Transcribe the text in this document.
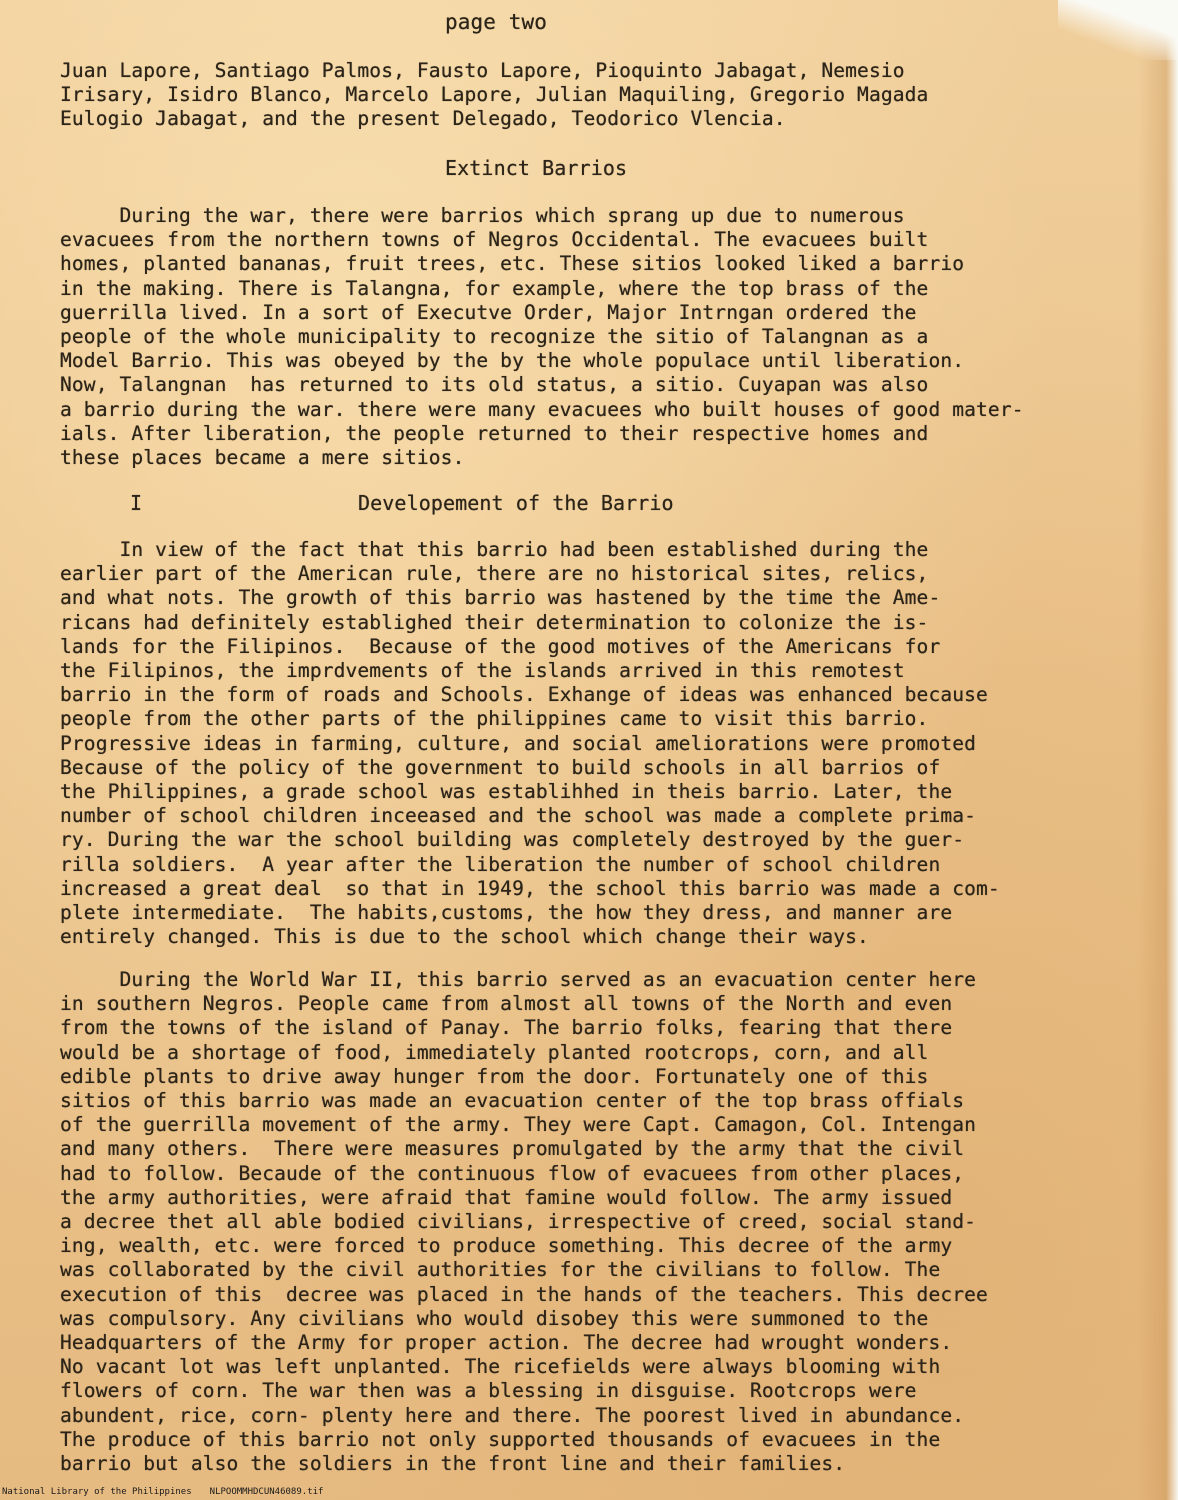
page two
Juan Lapore, Santiago Palmos, Fausto Lapore, Pioquinto Jabagat, Nemesio
Irisary, Isidro Blanco, Marcelo Lapore, Julian Maquiling, Gregorio Magada
Eulogio Jabagat, and the present Delegado, Teodorico Vlencia.
Extinct Barrios
During the war, there were barrios which sprang up due to numerous
evacuees from the northern towns of Negros Occidental. The evacuees built
homes, planted bananas, fruit trees, etc. These sitios looked liked a barrio
in the making. There is Talangna, for example, where the top brass of the
guerrilla lived. In a sort of Executve Order, Major Intrngan ordered the
people of the whole municipality to recognize the sitio of Talangnan as a
Model Barrio. This was obeyed by the by the whole populace until liberation.
Now, Talangnan  has returned to its old status, a sitio. Cuyapan was also
a barrio during the war. there were many evacuees who built houses of good mater-
ials. After liberation, the people returned to their respective homes and
these places became a mere sitios.
I	Developement of the Barrio
In view of the fact that this barrio had been established during the
earlier part of the American rule, there are no historical sites, relics,
and what nots. The growth of this barrio was hastened by the time the Ame-
ricans had definitely establighed their determination to colonize the is-
lands for the Filipinos.  Because of the good motives of the Americans for
the Filipinos, the imprdvements of the islands arrived in this remotest
barrio in the form of roads and Schools. Exhange of ideas was enhanced because
people from the other parts of the philippines came to visit this barrio.
Progressive ideas in farming, culture, and social ameliorations were promoted
Because of the policy of the government to build schools in all barrios of
the Philippines, a grade school was establihhed in theis barrio. Later, the
number of school children inceeased and the school was made a complete prima-
ry. During the war the school building was completely destroyed by the guer-
rilla soldiers.  A year after the liberation the number of school children
increased a great deal  so that in 1949, the school this barrio was made a com-
plete intermediate.  The habits,customs, the how they dress, and manner are
entirely changed. This is due to the school which change their ways.
During the World War II, this barrio served as an evacuation center here
in southern Negros. People came from almost all towns of the North and even
from the towns of the island of Panay. The barrio folks, fearing that there
would be a shortage of food, immediately planted rootcrops, corn, and all
edible plants to drive away hunger from the door. Fortunately one of this
sitios of this barrio was made an evacuation center of the top brass offials
of the guerrilla movement of the army. They were Capt. Camagon, Col. Intengan
and many others.  There were measures promulgated by the army that the civil
had to follow. Becaude of the continuous flow of evacuees from other places,
the army authorities, were afraid that famine would follow. The army issued
a decree thet all able bodied civilians, irrespective of creed, social stand-
ing, wealth, etc. were forced to produce something. This decree of the army
was collaborated by the civil authorities for the civilians to follow. The
execution of this  decree was placed in the hands of the teachers. This decree
was compulsory. Any civilians who would disobey this were summoned to the
Headquarters of the Army for proper action. The decree had wrought wonders.
No vacant lot was left unplanted. The ricefields were always blooming with
flowers of corn. The war then was a blessing in disguise. Rootcrops were
abundent, rice, corn- plenty here and there. The poorest lived in abundance.
The produce of this barrio not only supported thousands of evacuees in the
barrio but also the soldiers in the front line and their families.
National Library of the Philippines NLPOOMMHDCUN46089.tif
